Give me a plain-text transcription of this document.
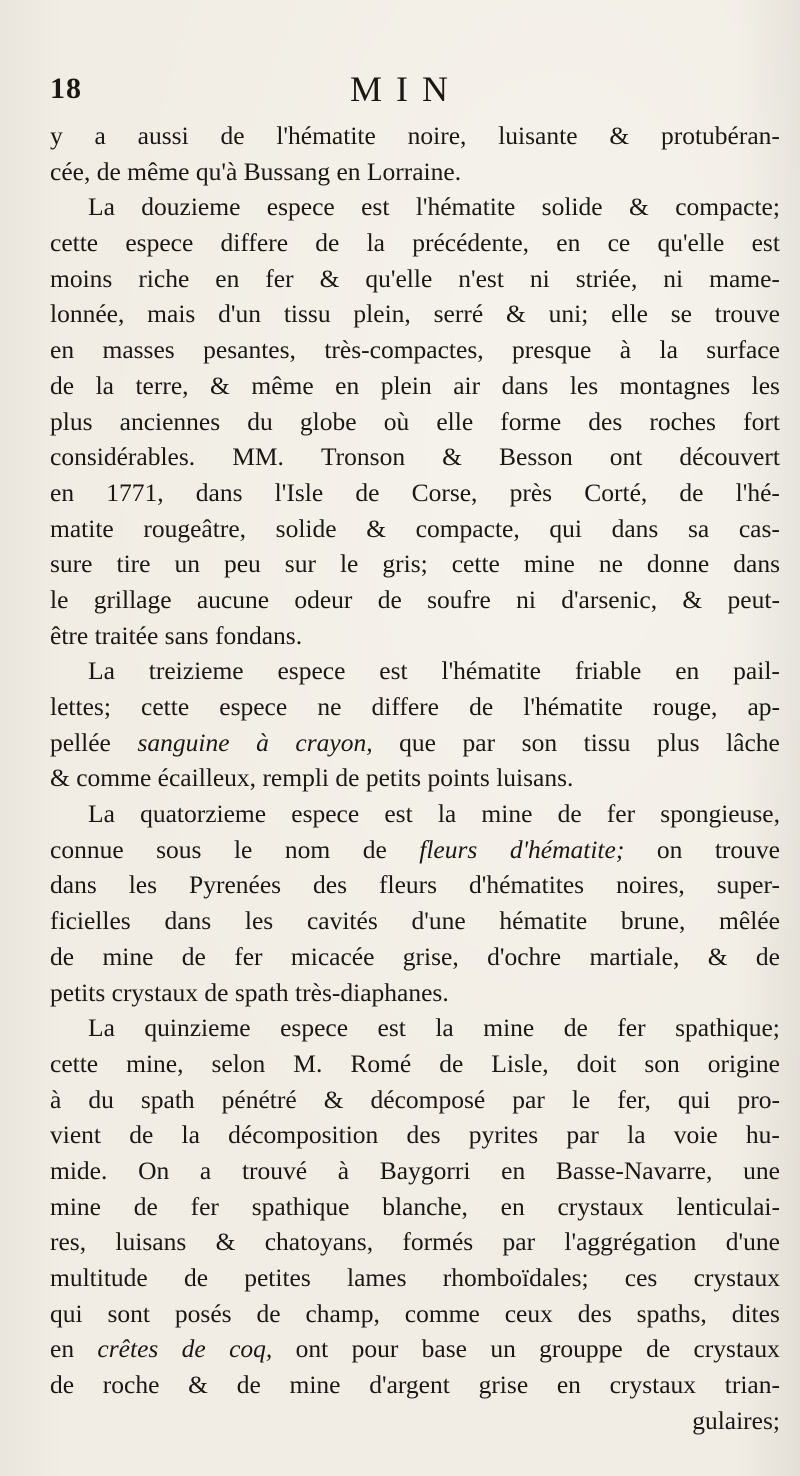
18	MIN
y a aussi de l'hématite noire, luisante & protubéran-
cée, de même qu'à Bussang en Lorraine.
La douzieme espece est l'hématite solide & compacte;
cette espece differe de la précédente, en ce qu'elle est
moins riche en fer & qu'elle n'est ni striée, ni mame-
lonnée, mais d'un tissu plein, serré & uni; elle se trouve
en masses pesantes, très-compactes, presque à la surface
de la terre, & même en plein air dans les montagnes les
plus anciennes du globe où elle forme des roches fort
considérables. MM. Tronson & Besson ont découvert
en 1771, dans l'Isle de Corse, près Corté, de l'hé-
matite rougeâtre, solide & compacte, qui dans sa cas-
sure tire un peu sur le gris; cette mine ne donne dans
le grillage aucune odeur de soufre ni d'arsenic, & peut-
être traitée sans fondans.
La treizieme espece est l'hématite friable en pail-
lettes; cette espece ne differe de l'hématite rouge, ap-
pellée sanguine à crayon, que par son tissu plus lâche
& comme écailleux, rempli de petits points luisans.
La quatorzieme espece est la mine de fer spongieuse,
connue sous le nom de fleurs d'hématite; on trouve
dans les Pyrenées des fleurs d'hématites noires, super-
ficielles dans les cavités d'une hématite brune, mêlée
de mine de fer micacée grise, d'ochre martiale, & de
petits crystaux de spath très-diaphanes.
La quinzieme espece est la mine de fer spathique;
cette mine, selon M. Romé de Lisle, doit son origine
à du spath pénétré & décomposé par le fer, qui pro-
vient de la décomposition des pyrites par la voie hu-
mide. On a trouvé à Baygorri en Basse-Navarre, une
mine de fer spathique blanche, en crystaux lenticulai-
res, luisans & chatoyans, formés par l'aggrégation d'une
multitude de petites lames rhomboïdales; ces crystaux
qui sont posés de champ, comme ceux des spaths, dites
en crêtes de coq, ont pour base un grouppe de crystaux
de roche & de mine d'argent grise en crystaux trian-
gulaires;
